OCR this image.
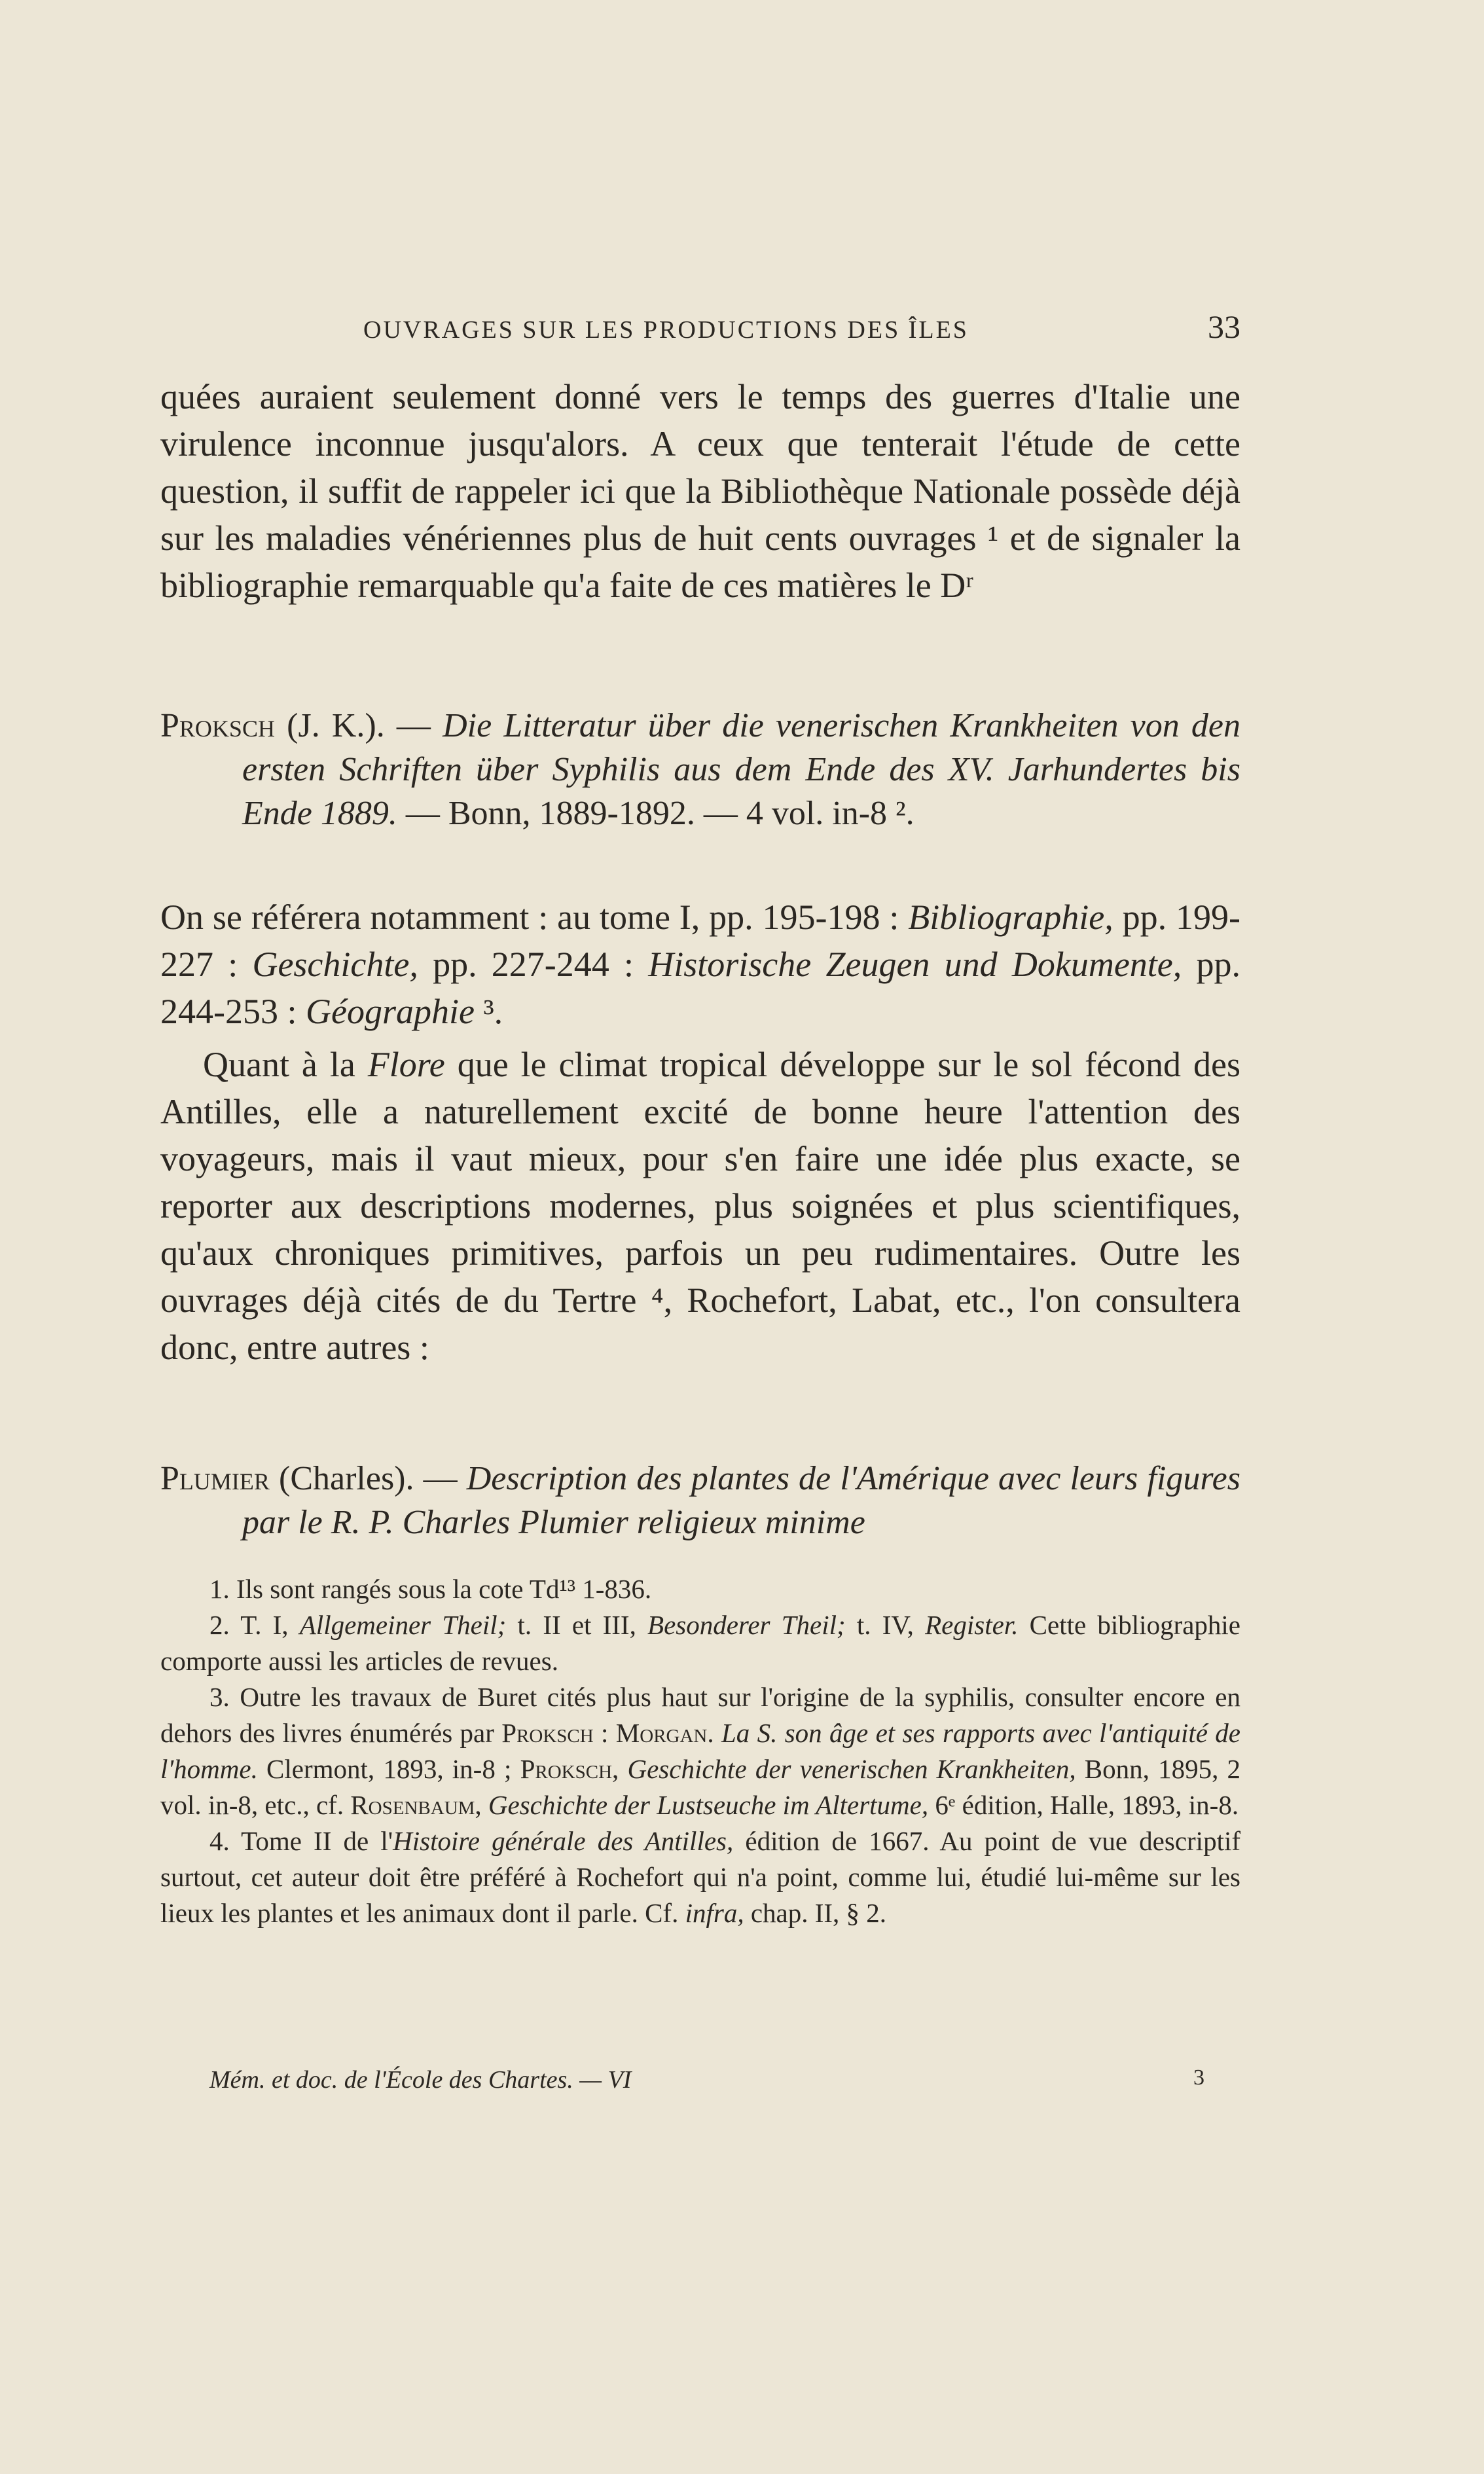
OUVRAGES SUR LES PRODUCTIONS DES ÎLES	33

quées auraient seulement donné vers le temps des guerres d'Italie une virulence inconnue jusqu'alors. A ceux que tenterait l'étude de cette question, il suffit de rappeler ici que la Bibliothèque Nationale possède déjà sur les maladies vénériennes plus de huit cents ouvrages ¹ et de signaler la bibliographie remarquable qu'a faite de ces matières le Dʳ

Proksch (J. K.). — Die Litteratur über die venerischen Krankheiten von den ersten Schriften über Syphilis aus dem Ende des XV. Jarhundertes bis Ende 1889. — Bonn, 1889-1892. — 4 vol. in-8 ².

On se référera notamment : au tome I, pp. 195-198 : Bibliographie, pp. 199-227 : Geschichte, pp. 227-244 : Historische Zeugen und Dokumente, pp. 244-253 : Géographie ³.

Quant à la Flore que le climat tropical développe sur le sol fécond des Antilles, elle a naturellement excité de bonne heure l'attention des voyageurs, mais il vaut mieux, pour s'en faire une idée plus exacte, se reporter aux descriptions modernes, plus soignées et plus scientifiques, qu'aux chroniques primitives, parfois un peu rudimentaires. Outre les ouvrages déjà cités de du Tertre ⁴, Rochefort, Labat, etc., l'on consultera donc, entre autres :

Plumier (Charles). — Description des plantes de l'Amérique avec leurs figures par le R. P. Charles Plumier religieux minime

1. Ils sont rangés sous la cote Td¹³ 1-836.

2. T. I, Allgemeiner Theil; t. II et III, Besonderer Theil; t. IV, Register. Cette bibliographie comporte aussi les articles de revues.

3. Outre les travaux de Buret cités plus haut sur l'origine de la syphilis, consulter encore en dehors des livres énumérés par Proksch : Morgan. La S. son âge et ses rapports avec l'antiquité de l'homme. Clermont, 1893, in-8 ; Proksch, Geschichte der venerischen Krankheiten, Bonn, 1895, 2 vol. in-8, etc., cf. Rosenbaum, Geschichte der Lustseuche im Altertume, 6ᵉ édition, Halle, 1893, in-8.

4. Tome II de l'Histoire générale des Antilles, édition de 1667. Au point de vue descriptif surtout, cet auteur doit être préféré à Rochefort qui n'a point, comme lui, étudié lui-même sur les lieux les plantes et les animaux dont il parle. Cf. infra, chap. II, § 2.

Mém. et doc. de l'École des Chartes. — VI	3
